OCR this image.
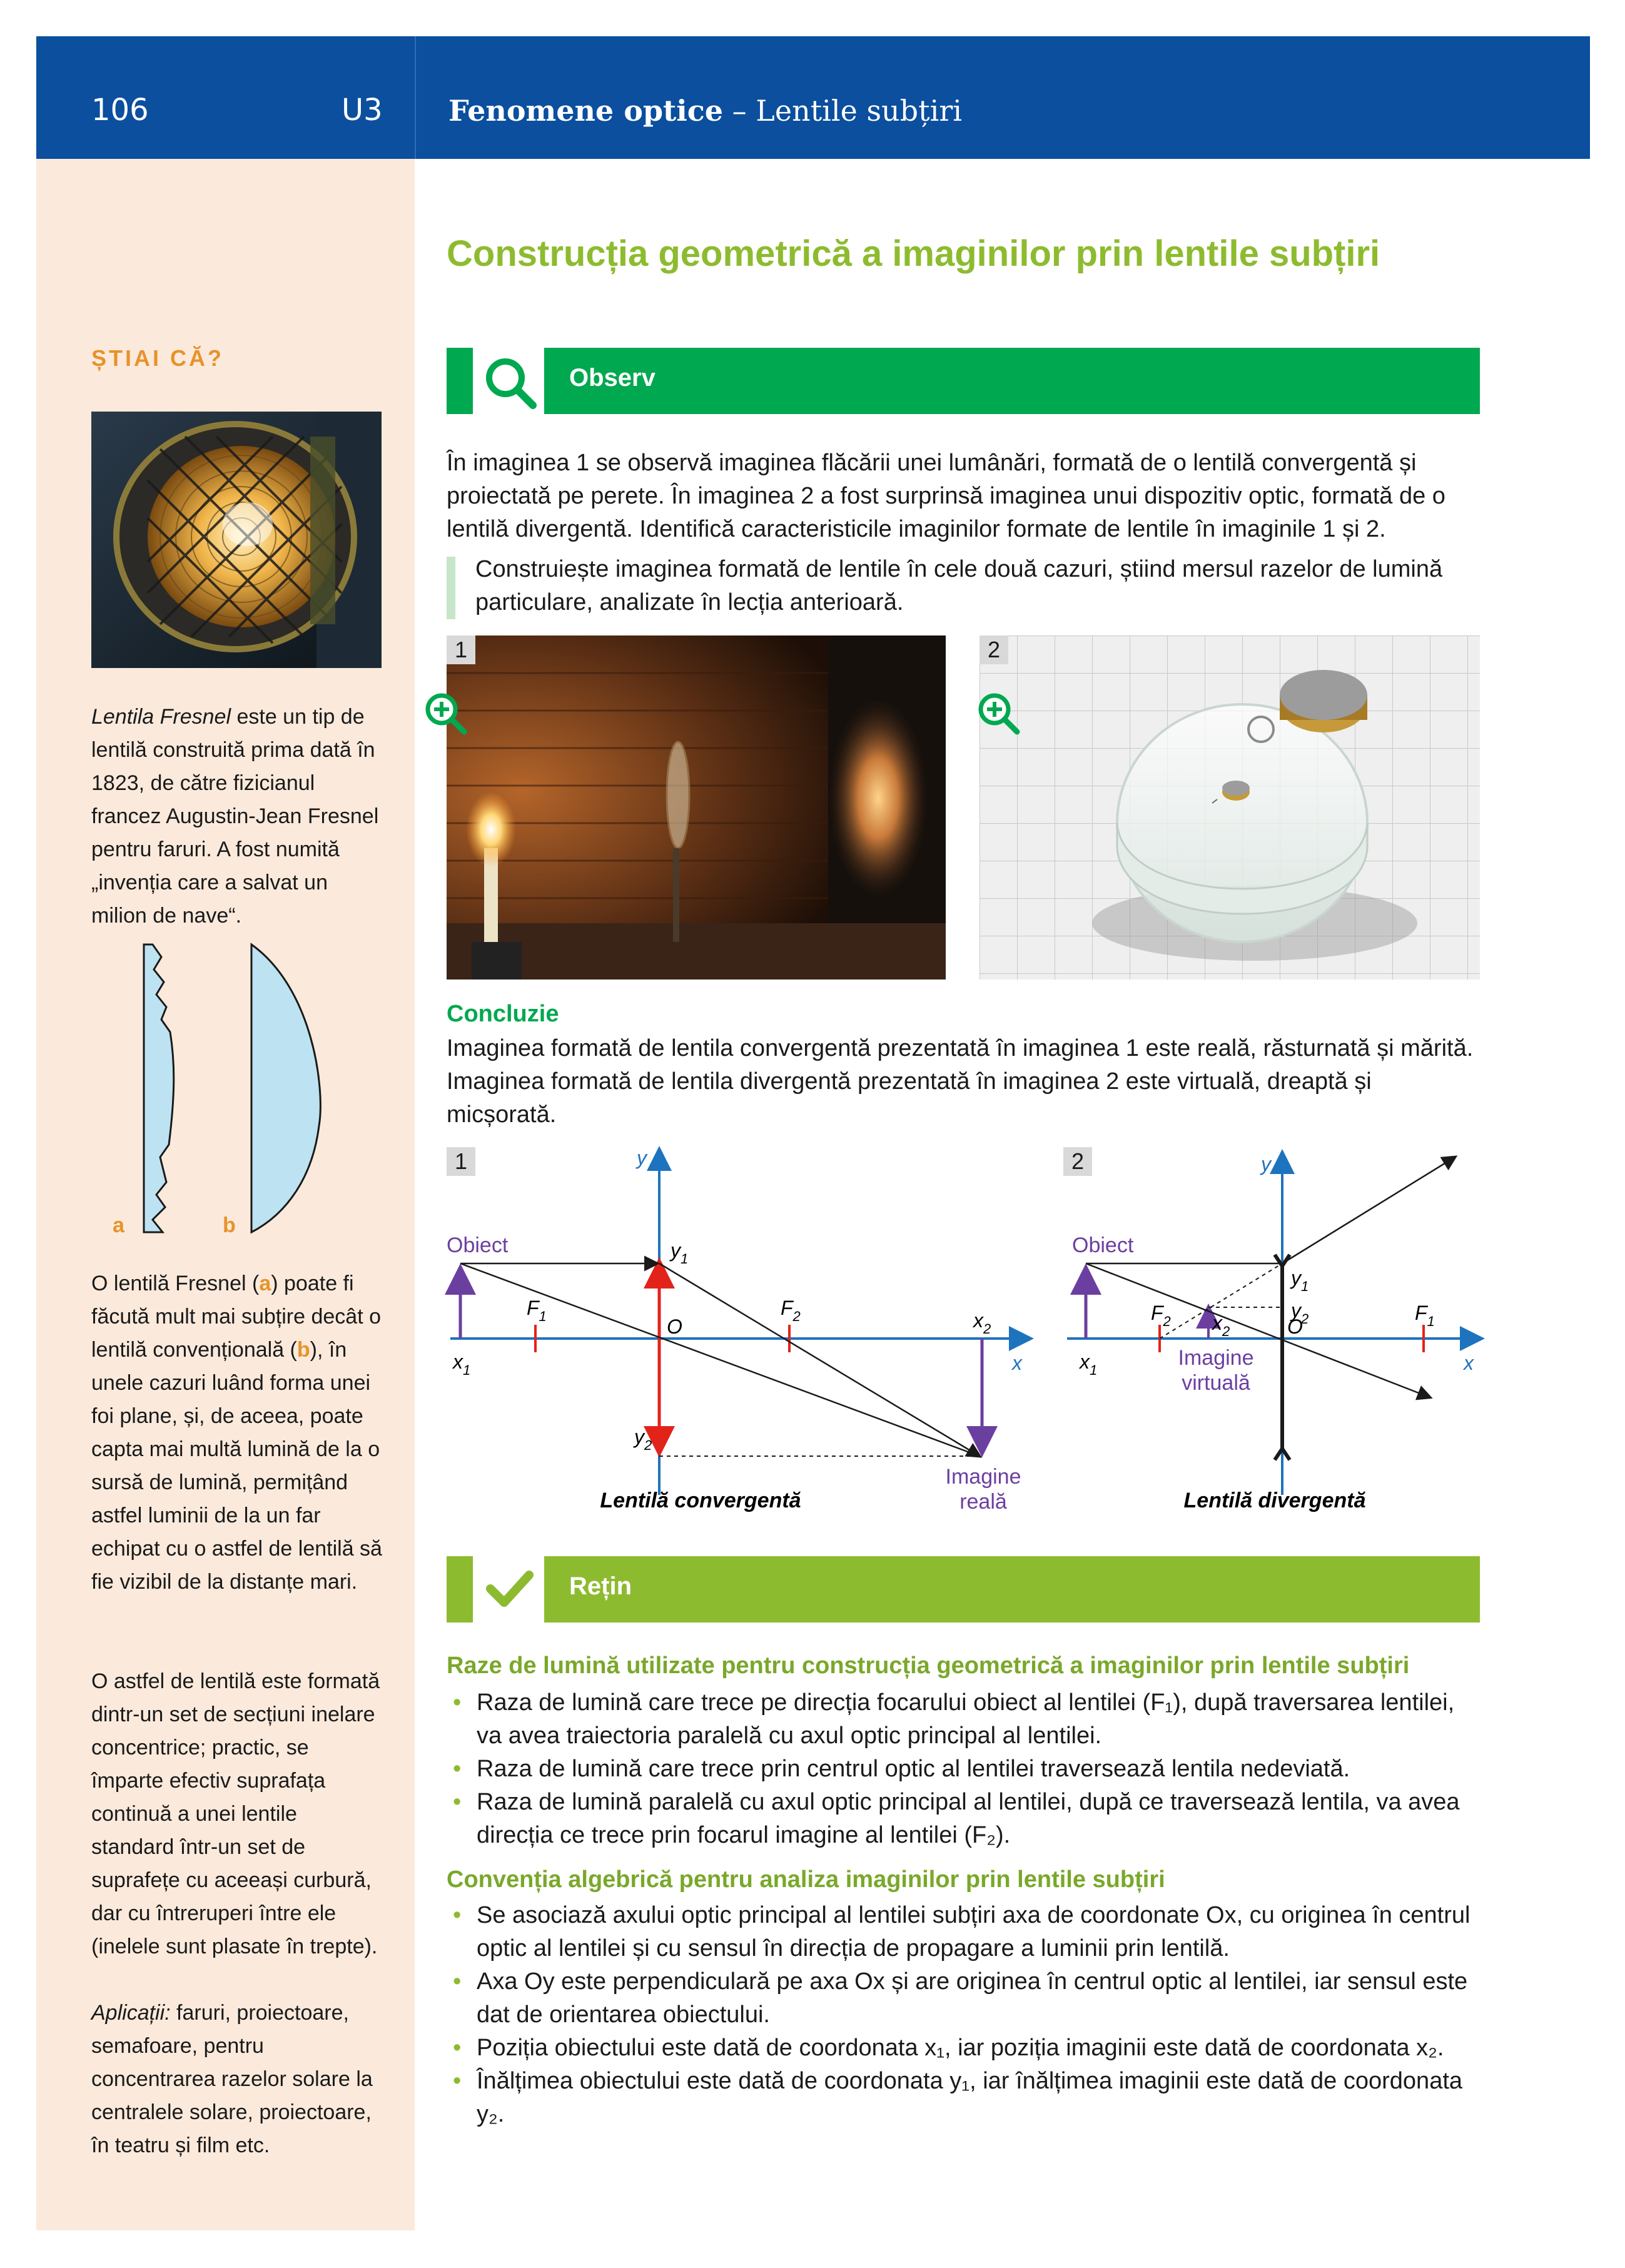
106	U3 Fenomene optice – Lentile subțiri
ȘTIAI CĂ?
Lentila Fresnel este un tip de lentilă construită prima dată în 1823, de către fizicianul francez Augustin-Jean Fresnel pentru faruri. A fost numită „invenția care a salvat un milion de nave“.
a	b
O lentilă Fresnel (a) poate fi făcută mult mai subțire decât o lentilă convențională (b), în unele cazuri luând forma unei foi plane, și, de aceea, poate capta mai multă lumină de la o sursă de lumină, permițând astfel luminii de la un far echipat cu o astfel de lentilă să fie vizibil de la distanțe mari.
O astfel de lentilă este formată dintr-un set de secțiuni inelare concentrice; practic, se împarte efectiv suprafața continuă a unei lentile standard într-un set de suprafețe cu aceeași curbură, dar cu întreruperi între ele (inelele sunt plasate în trepte).
Aplicații: faruri, proiectoare, semafoare, pentru concentrarea razelor solare la centralele solare, proiectoare, în teatru și film etc.
Construcția geometrică a imaginilor prin lentile subțiri
Observ
În imaginea 1 se observă imaginea flăcării unei lumânări, formată de o lentilă convergentă și proiectată pe perete. În imaginea 2 a fost surprinsă imaginea unui dispozitiv optic, formată de o lentilă divergentă. Identifică caracteristicile imaginilor formate de lentile în imaginile 1 și 2.
Construiește imaginea formată de lentile în cele două cazuri, știind mersul razelor de lumină particulare, analizate în lecția anterioară.
1	2
Concluzie
Imaginea formată de lentila convergentă prezentată în imaginea 1 este reală, răsturnată și mărită. Imaginea formată de lentila divergentă prezentată în imaginea 2 este virtuală, dreaptă și micșorată.
1	y
x
Obiect	$y_1$
$y_2$
$F_1$	$F_2$
O
$x_1$
$x_2$
Imagine
reală
Lentilă convergentă
2	y
x
Obiect
$y_1$
$y_2$
$F_2$	$F_1$
O
$x_1$
$x_2$
Imagine
virtuală
Lentilă divergentă
Rețin
Raze de lumină utilizate pentru construcția geometrică a imaginilor prin lentile subțiri
• Raza de lumină care trece pe direcția focarului obiect al lentilei (F₁), după traversarea lentilei, va avea traiectoria paralelă cu axul optic principal al lentilei.
• Raza de lumină care trece prin centrul optic al lentilei traversează lentila nedeviată.
• Raza de lumină paralelă cu axul optic principal al lentilei, după ce traversează lentila, va avea direcția ce trece prin focarul imagine al lentilei (F₂).
Convenția algebrică pentru analiza imaginilor prin lentile subțiri
• Se asociază axului optic principal al lentilei subțiri axa de coordonate Ox, cu originea în centrul optic al lentilei și cu sensul în direcția de propagare a luminii prin lentilă.
• Axa Oy este perpendiculară pe axa Ox și are originea în centrul optic al lentilei, iar sensul este dat de orientarea obiectului.
• Poziția obiectului este dată de coordonata x₁, iar poziția imaginii este dată de coordonata x₂.
• Înălțimea obiectului este dată de coordonata y₁, iar înălțimea imaginii este dată de coordonata y₂.
